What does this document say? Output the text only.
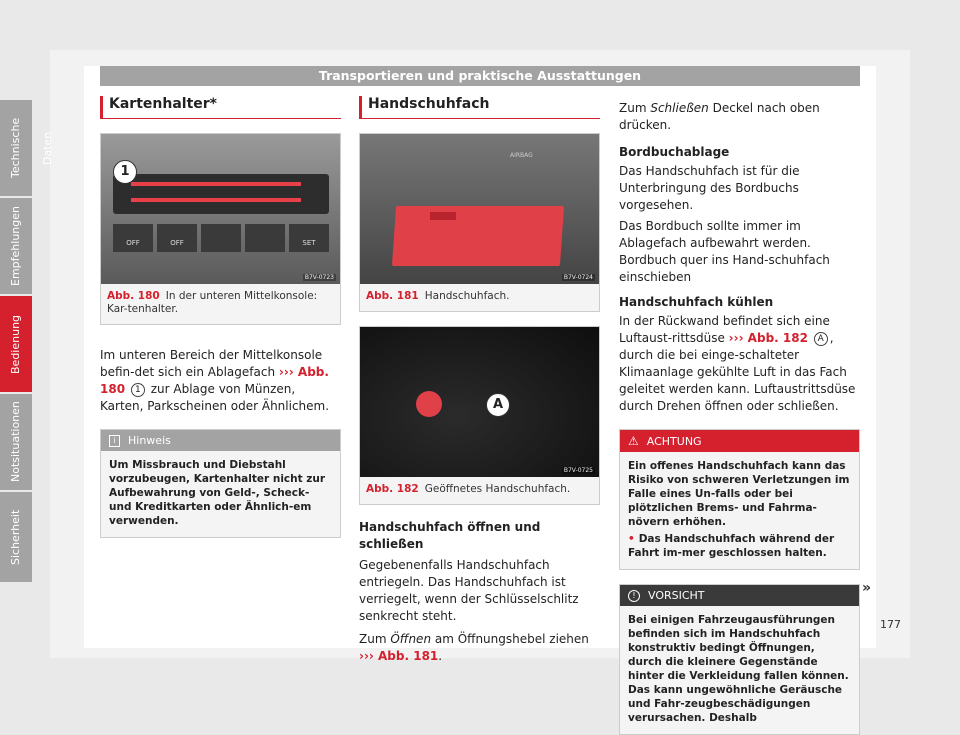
Transportieren und praktische Ausstattungen
Kartenhalter*
1
OFF	OFF	SET
B7V-0723
Abb. 180 In der unteren Mittelkonsole: Kar-tenhalter.
Im unteren Bereich der Mittelkonsole befin-det sich ein Ablagefach ››› Abb. 180 1 zur Ablage von Münzen, Karten, Parkscheinen oder Ähnlichem.
i	Hinweis
Um Missbrauch und Diebstahl vorzubeugen, Kartenhalter nicht zur Aufbewahrung von Geld-, Scheck- und Kreditkarten oder Ähnlich-em verwenden.
Handschuhfach
AIRBAG
B7V-0724
Abb. 181 Handschuhfach.
A
B7V-0725
Abb. 182 Geöffnetes Handschuhfach.
Handschuhfach öffnen und schließen
Gegebenenfalls Handschuhfach entriegeln. Das Handschuhfach ist verriegelt, wenn der Schlüsselschlitz senkrecht steht.
Zum Öffnen am Öffnungshebel ziehen
››› Abb. 181.
Zum Schließen Deckel nach oben drücken.
Bordbuchablage
Das Handschuhfach ist für die Unterbringung des Bordbuchs vorgesehen.
Das Bordbuch sollte immer im Ablagefach aufbewahrt werden. Bordbuch quer ins Hand-schuhfach einschieben
Handschuhfach kühlen
In der Rückwand befindet sich eine Luftaust-rittsdüse ››› Abb. 182 A , durch die bei einge-schalteter Klimaanlage gekühlte Luft in das Fach geleitet werden kann. Luftaustrittsdüse durch Drehen öffnen oder schließen.
⚠ ACHTUNG
Ein offenes Handschuhfach kann das Risiko von schweren Verletzungen im Falle eines Un-falls oder bei plötzlichen Brems- und Fahrma-növern erhöhen.
• Das Handschuhfach während der Fahrt im-mer geschlossen halten.
!	VORSICHT
Bei einigen Fahrzeugausführungen befinden sich im Handschuhfach konstruktiv bedingt Öffnungen, durch die kleinere Gegenstände hinter die Verkleidung fallen können. Das kann ungewöhnliche Geräusche und Fahr-zeugbeschädigungen verursachen. Deshalb
»
Technische Daten
Empfehlungen
Bedienung
Notsituationen
Sicherheit
177
